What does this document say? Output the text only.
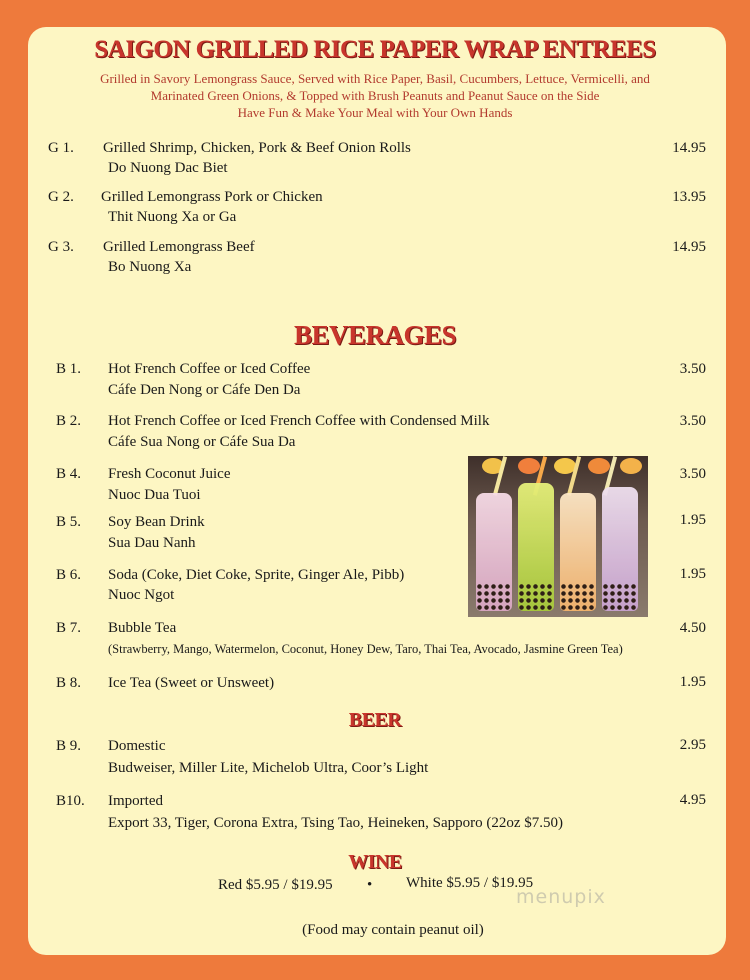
SAIGON GRILLED RICE PAPER WRAP ENTREES
Grilled in Savory Lemongrass Sauce, Served with Rice Paper, Basil, Cucumbers, Lettuce, Vermicelli, and
Marinated Green Onions, & Topped with Brush Peanuts and Peanut Sauce on the Side
Have Fun & Make Your Meal with Your Own Hands
G 1. Grilled Shrimp, Chicken, Pork & Beef Onion Rolls
Do Nuong Dac Biet
14.95
G 2. Grilled Lemongrass Pork or Chicken
Thit Nuong Xa or Ga
13.95
G 3. Grilled Lemongrass Beef
Bo Nuong Xa
14.95
BEVERAGES
B 1. Hot French Coffee or Iced Coffee
Cáfe Den Nong or Cáfe Den Da
3.50
B 2. Hot French Coffee or Iced French Coffee with Condensed Milk
Cáfe Sua Nong or Cáfe Sua Da
3.50
B 4. Fresh Coconut Juice
Nuoc Dua Tuoi
3.50
B 5. Soy Bean Drink
Sua Dau Nanh
1.95
B 6. Soda (Coke, Diet Coke, Sprite, Ginger Ale, Pibb)
Nuoc Ngot
1.95
B 7. Bubble Tea
(Strawberry, Mango, Watermelon, Coconut, Honey Dew, Taro, Thai Tea, Avocado, Jasmine Green Tea)
4.50
B 8. Ice Tea (Sweet or Unsweet)	1.95
BEER
B 9. Domestic
Budweiser, Miller Lite, Michelob Ultra, Coor’s Light
2.95
B10. Imported
Export 33, Tiger, Corona Extra, Tsing Tao, Heineken, Sapporo (22oz $7.50)
4.95
WINE
Red $5.95 / $19.95 • White $5.95 / $19.95
menupix
(Food may contain peanut oil)
